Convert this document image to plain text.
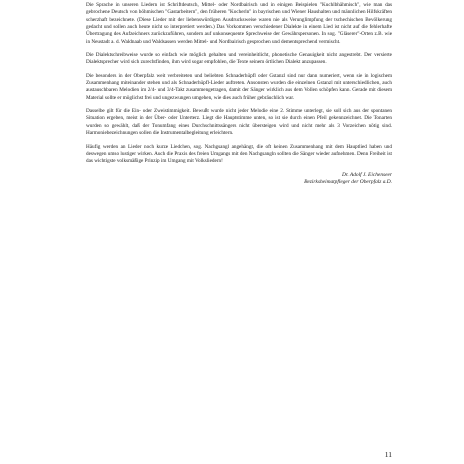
Die Sprache in unseren Liedern ist Schriftdeutsch, Mittel- oder Nordbairisch und in einigen Beispielen "Kuchlbhähmisch", wie man das gebrochene Deutsch von böhmischen "Gastarbeitern", den früheren "Kocherln" in bayrischen und Wiener Haushalten und männlichen Hilfskräften scherzhaft bezeichnete. (Diese Lieder mit der liebenswürdigen Ausdrucksweise waren nie als Verunglimpfung der tschechischen Bevölkerung gedacht und sollen auch heute nicht so interpretiert werden.) Das Vorkommen verschiedener Dialekte in einem Lied ist nicht auf die fehlerhafte Übertragung des Aufzeichners zurückzuführen, sondern auf unkonsequente Sprechweise der Gewährspersonen. In sog. "Gläserer"-Orten z.B. wie in Neustadt a. d. Waldnaab und Waldsassen werden Mittel- und Nordbairisch gesprochen und dementsprechend vermischt.

Die Dialektschreibweise wurde so einfach wie möglich gehalten und vereinheitlicht, phonetische Genauigkeit nicht angestrebt. Der versierte Dialektsprecher wird sich zurechtfinden, ihm wird sogar empfohlen, die Texte seinem örtlichen Dialekt anzupassen.

Die besonders in der Oberpfalz weit verbreiteten und beliebten Schnaderhüpfl oder Gstanzl sind nur dann numeriert, wenn sie in logischem Zusammenhang miteinander stehen und als Schnaderhüpfl-Lieder auftreten. Ansonsten wurden die einzelnen Gstanzl mit unterschiedlichen, auch austauschbaren Melodien im 2/4- und 3/4-Takt zusammengetragen, damit der Sänger wirklich aus dem Vollen schöpfen kann. Gerade mit diesem Material sollte er möglichst frei und ungezwungen umgehen, wie dies auch früher gebräuchlich war.

Dasselbe gilt für die Ein- oder Zweistimmigkeit. Bewußt wurde nicht jeder Melodie eine 2. Stimme unterlegt, sie soll sich aus der spontanen Situation ergeben, meist in der Über- oder Unterterz. Liegt die Hauptstimme unten, so ist sie durch einen Pfeil gekennzeichnet. Die Tonarten wurden so gewählt, daß der Tonumfang eines Durchschnittssängers nicht übersteigen wird und nicht mehr als 3 Vorzeichen nötig sind. Harmoniebezeichnungen sollen die Instrumentalbegleitung erleichtern.

Häufig werden an Lieder noch kurze Liedchen, sog. Nachgsangl angehängt, die oft keinen Zusammenhang mit dem Hauptlied haben und deswegen umso lustiger wirken. Auch die Praxis des freien Umgangs mit den Nachgsangln sollten die Sänger wieder aufnehmen. Denn Freiheit ist das wichtigste volksmäßige Prinzip im Umgang mit Volksliedern!

Dr. Adolf J. Eichenseer
Bezirksheimatpfleger der Oberpfalz a.D.
11
